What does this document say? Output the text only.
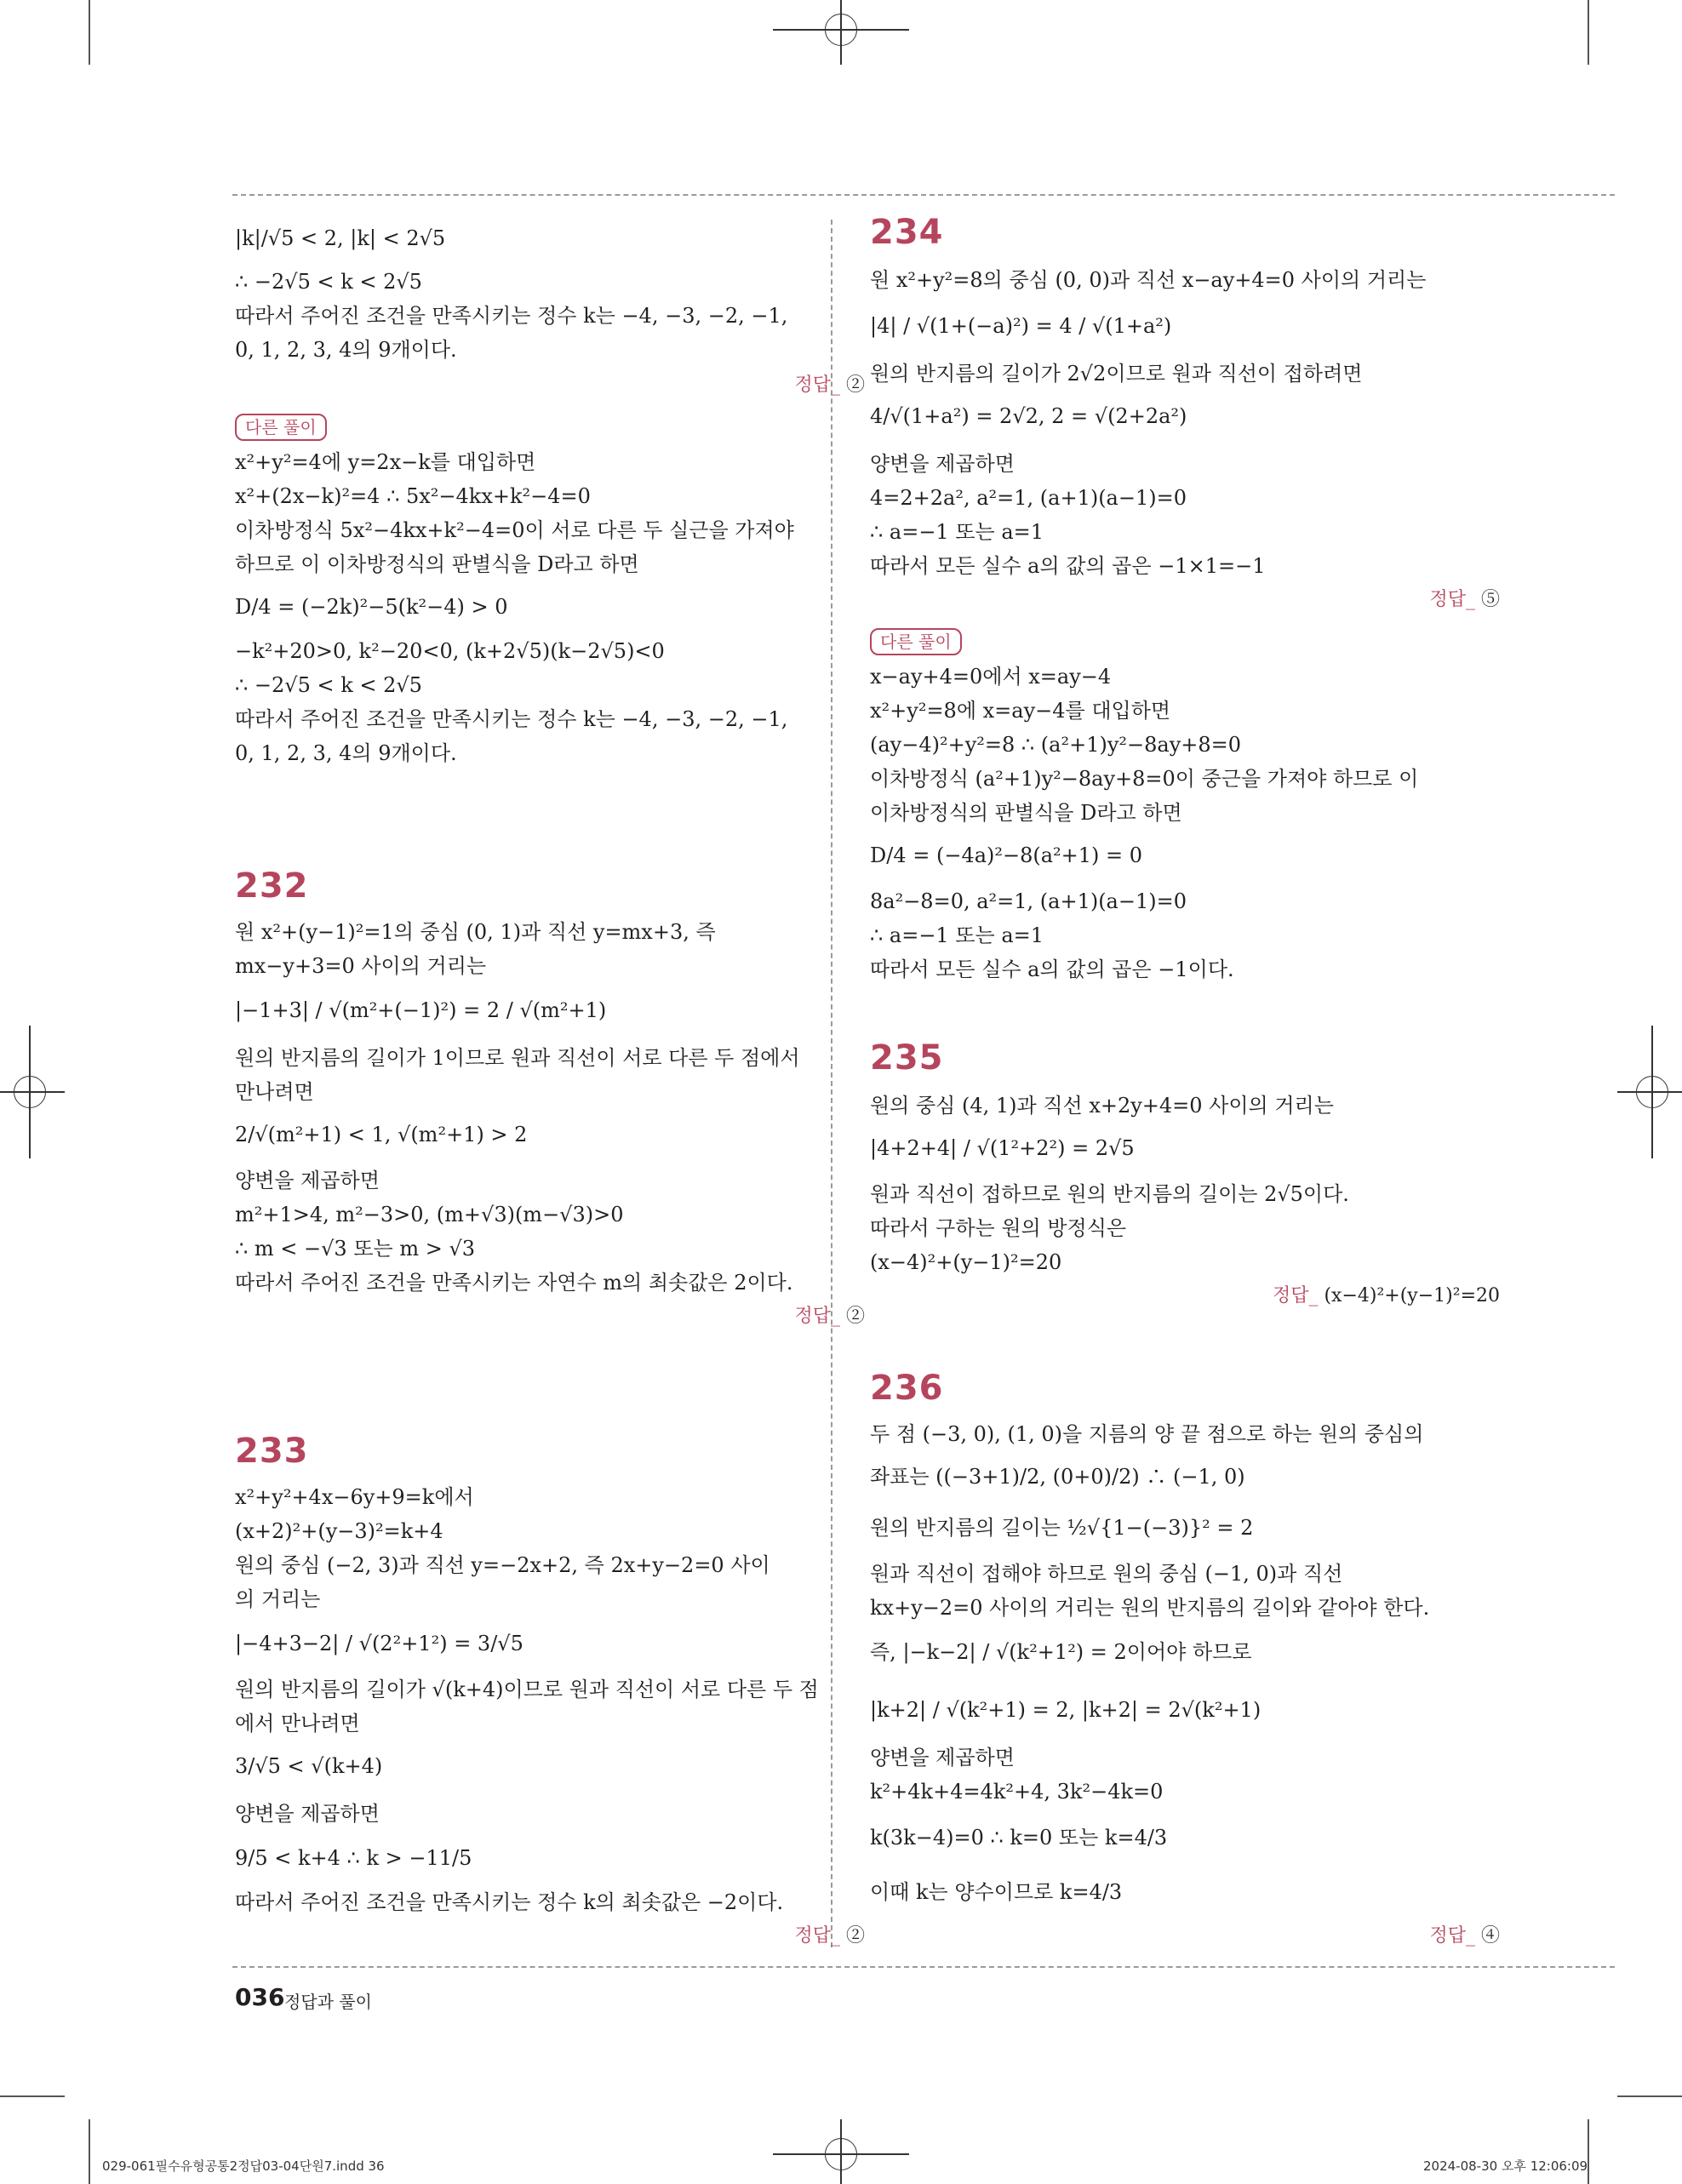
|k|/√5 < 2, |k| < 2√5
∴ −2√5 < k < 2√5
따라서 주어진 조건을 만족시키는 정수 k는 −4, −3, −2, −1,
0, 1, 2, 3, 4의 9개이다.
정답_ ②
다른 풀이
x²+y²=4에 y=2x−k를 대입하면
x²+(2x−k)²=4 ∴ 5x²−4kx+k²−4=0
이차방정식 5x²−4kx+k²−4=0이 서로 다른 두 실근을 가져야
하므로 이 이차방정식의 판별식을 D라고 하면
D/4 = (−2k)²−5(k²−4) > 0
−k²+20>0, k²−20<0, (k+2√5)(k−2√5)<0
∴ −2√5 < k < 2√5
따라서 주어진 조건을 만족시키는 정수 k는 −4, −3, −2, −1,
0, 1, 2, 3, 4의 9개이다.
232
원 x²+(y−1)²=1의 중심 (0, 1)과 직선 y=mx+3, 즉
mx−y+3=0 사이의 거리는
|−1+3| / √(m²+(−1)²) = 2 / √(m²+1)
원의 반지름의 길이가 1이므로 원과 직선이 서로 다른 두 점에서
만나려면
2/√(m²+1) < 1, √(m²+1) > 2
양변을 제곱하면
m²+1>4, m²−3>0, (m+√3)(m−√3)>0
∴ m < −√3 또는 m > √3
따라서 주어진 조건을 만족시키는 자연수 m의 최솟값은 2이다.
정답_ ②
233
x²+y²+4x−6y+9=k에서
(x+2)²+(y−3)²=k+4
원의 중심 (−2, 3)과 직선 y=−2x+2, 즉 2x+y−2=0 사이
의 거리는
|−4+3−2| / √(2²+1²) = 3/√5
원의 반지름의 길이가 √(k+4)이므로 원과 직선이 서로 다른 두 점
에서 만나려면
3/√5 < √(k+4)
양변을 제곱하면
9/5 < k+4 ∴ k > −11/5
따라서 주어진 조건을 만족시키는 정수 k의 최솟값은 −2이다.
정답_ ②
234
원 x²+y²=8의 중심 (0, 0)과 직선 x−ay+4=0 사이의 거리는
|4| / √(1+(−a)²) = 4 / √(1+a²)
원의 반지름의 길이가 2√2이므로 원과 직선이 접하려면
4/√(1+a²) = 2√2, 2 = √(2+2a²)
양변을 제곱하면
4=2+2a², a²=1, (a+1)(a−1)=0
∴ a=−1 또는 a=1
따라서 모든 실수 a의 값의 곱은 −1×1=−1
정답_ ⑤
다른 풀이
x−ay+4=0에서 x=ay−4
x²+y²=8에 x=ay−4를 대입하면
(ay−4)²+y²=8 ∴ (a²+1)y²−8ay+8=0
이차방정식 (a²+1)y²−8ay+8=0이 중근을 가져야 하므로 이
이차방정식의 판별식을 D라고 하면
D/4 = (−4a)²−8(a²+1) = 0
8a²−8=0, a²=1, (a+1)(a−1)=0
∴ a=−1 또는 a=1
따라서 모든 실수 a의 값의 곱은 −1이다.
235
원의 중심 (4, 1)과 직선 x+2y+4=0 사이의 거리는
|4+2+4| / √(1²+2²) = 2√5
원과 직선이 접하므로 원의 반지름의 길이는 2√5이다.
따라서 구하는 원의 방정식은
(x−4)²+(y−1)²=20
정답_ (x−4)²+(y−1)²=20
236
두 점 (−3, 0), (1, 0)을 지름의 양 끝 점으로 하는 원의 중심의
좌표는 ((−3+1)/2, (0+0)/2) ∴ (−1, 0)
원의 반지름의 길이는 ½√{1−(−3)}² = 2
원과 직선이 접해야 하므로 원의 중심 (−1, 0)과 직선
kx+y−2=0 사이의 거리는 원의 반지름의 길이와 같아야 한다.
즉, |−k−2| / √(k²+1²) = 2이어야 하므로
|k+2| / √(k²+1) = 2, |k+2| = 2√(k²+1)
양변을 제곱하면
k²+4k+4=4k²+4, 3k²−4k=0
k(3k−4)=0 ∴ k=0 또는 k=4/3
이때 k는 양수이므로 k=4/3
정답_ ④
036 정답과 풀이
029-061필수유형공통2정답03-04단원7.indd 36	2024-08-30 오후 12:06:09
